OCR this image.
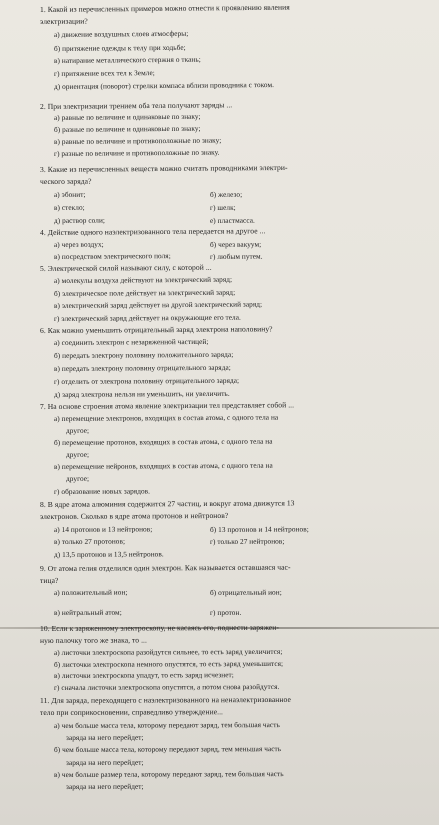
1. Какой из перечисленных примеров можно отнести к проявлению явления
электризации?
а) движение воздушных слоев атмосферы;
б) притяжение одежды к телу при ходьбе;
в) натирание металлического стержня о ткань;
г) притяжение всех тел к Земле;
д) ориентация (поворот) стрелки компаса вблизи проводника с током.
2. При электризации трением оба тела получают заряды ...
а) равные по величине и одинаковые по знаку;
б) разные по величине и одинаковые по знаку;
в) равные по величине и противоположные по знаку;
г) разные по величине и противоположные по знаку.
3. Какие из перечисленных веществ можно считать проводниками электри-
ческого заряда?
а) эбонит;	б) железо;
в) стекло;	г) шелк;
д) раствор соли;	е) пластмасса.
4. Действие одного наэлектризованного тела передается на другое ...
а) через воздух;	б) через вакуум;
в) посредством электрического поля;	г) любым путем.
5. Электрической силой называют силу, с которой ...
а) молекулы воздуха действуют на электрический заряд;
б) электрическое поле действует на электрический заряд;
в) электрический заряд действует на другой электрический заряд;
г) электрический заряд действует на окружающие его тела.
6. Как можно уменьшить отрицательный заряд электрона наполовину?
а) соединить электрон с незаряженной частицей;
б) передать электрону половину положительного заряда;
в) передать электрону половину отрицательного заряда;
г) отделить от электрона половину отрицательного заряда;
д) заряд электрона нельзя ни уменьшить, ни увеличить.
7. На основе строения атома явление электризации тел представляет собой ...
а) перемещение электронов, входящих в состав атома, с одного тела на
другое;
б) перемещение протонов, входящих в состав атома, с одного тела на
другое;
в) перемещение нейронов, входящих в состав атома, с одного тела на
другое;
г) образование новых зарядов.
8. В ядре атома алюминия содержится 27 частиц, и вокруг атома движутся 13
электронов. Сколько в ядре атома протонов и нейтронов?
а) 14 протонов и 13 нейтронов;	б) 13 протонов и 14 нейтронов;
в) только 27 протонов;	г) только 27 нейтронов;
д) 13,5 протонов и 13,5 нейтронов.
9. От атома гелия отделился один электрон. Как называется оставшаяся час-
тица?
а) положительный ион;	б) отрицательный ион;
в) нейтральный атом;	г) протон.
10. Если к заряженному электроскопу, не касаясь его, поднести заряжен-
ную палочку того же знака, то ...
а) листочки электроскопа разойдутся сильнее, то есть заряд увеличится;
б) листочки электроскопа немного опустятся, то есть заряд уменьшится;
в) листочки электроскопа упадут, то есть заряд исчезнет;
г) сначала листочки электроскопа опустятся, а потом снова разойдутся.
11. Для заряда, переходящего с наэлектризованного на ненаэлектризованное
тело при соприкосновении, справедливо утверждение...
а) чем больше масса тела, которому передают заряд, тем большая часть
заряда на него перейдет;
б) чем больше масса тела, которому передают заряд, тем меньшая часть
заряда на него перейдет;
в) чем больше размер тела, которому передают заряд, тем большая часть
заряда на него перейдет;
